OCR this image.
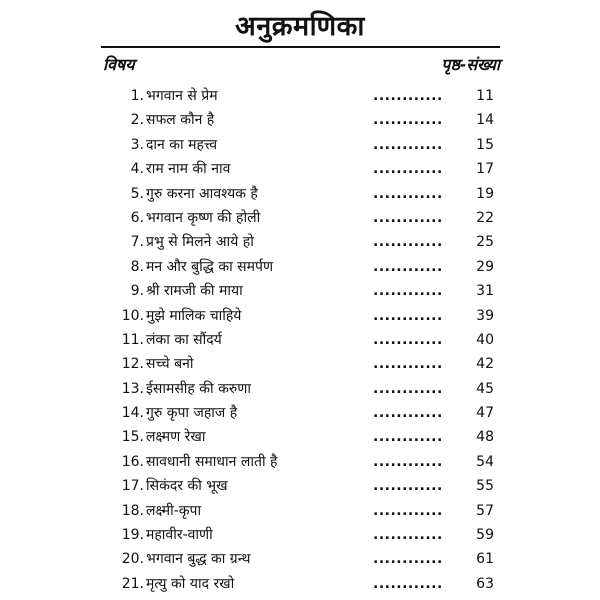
अनुक्रमणिका
विषय	पृष्ठ-संख्या
1. भगवान से प्रेम	............	11
2. सफल कौन है	............	14
3. दान का महत्त्व	............	15
4. राम नाम की नाव	............	17
5. गुरु करना आवश्यक है	............	19
6. भगवान कृष्ण की होली	............	22
7. प्रभु से मिलने आये हो	............	25
8. मन और बुद्धि का समर्पण	............	29
9. श्री रामजी की माया	............	31
10. मुझे मालिक चाहिये	............	39
11. लंका का सौंदर्य	............	40
12. सच्चे बनो	............	42
13. ईसामसीह की करुणा	............	45
14. गुरु कृपा जहाज है	............	47
15. लक्ष्मण रेखा	............	48
16. सावधानी समाधान लाती है	............	54
17. सिकंदर की भूख	............	55
18. लक्ष्मी-कृपा	............	57
19. महावीर-वाणी	............	59
20. भगवान बुद्ध का ग्रन्थ	............	61
21. मृत्यु को याद रखो	............	63
